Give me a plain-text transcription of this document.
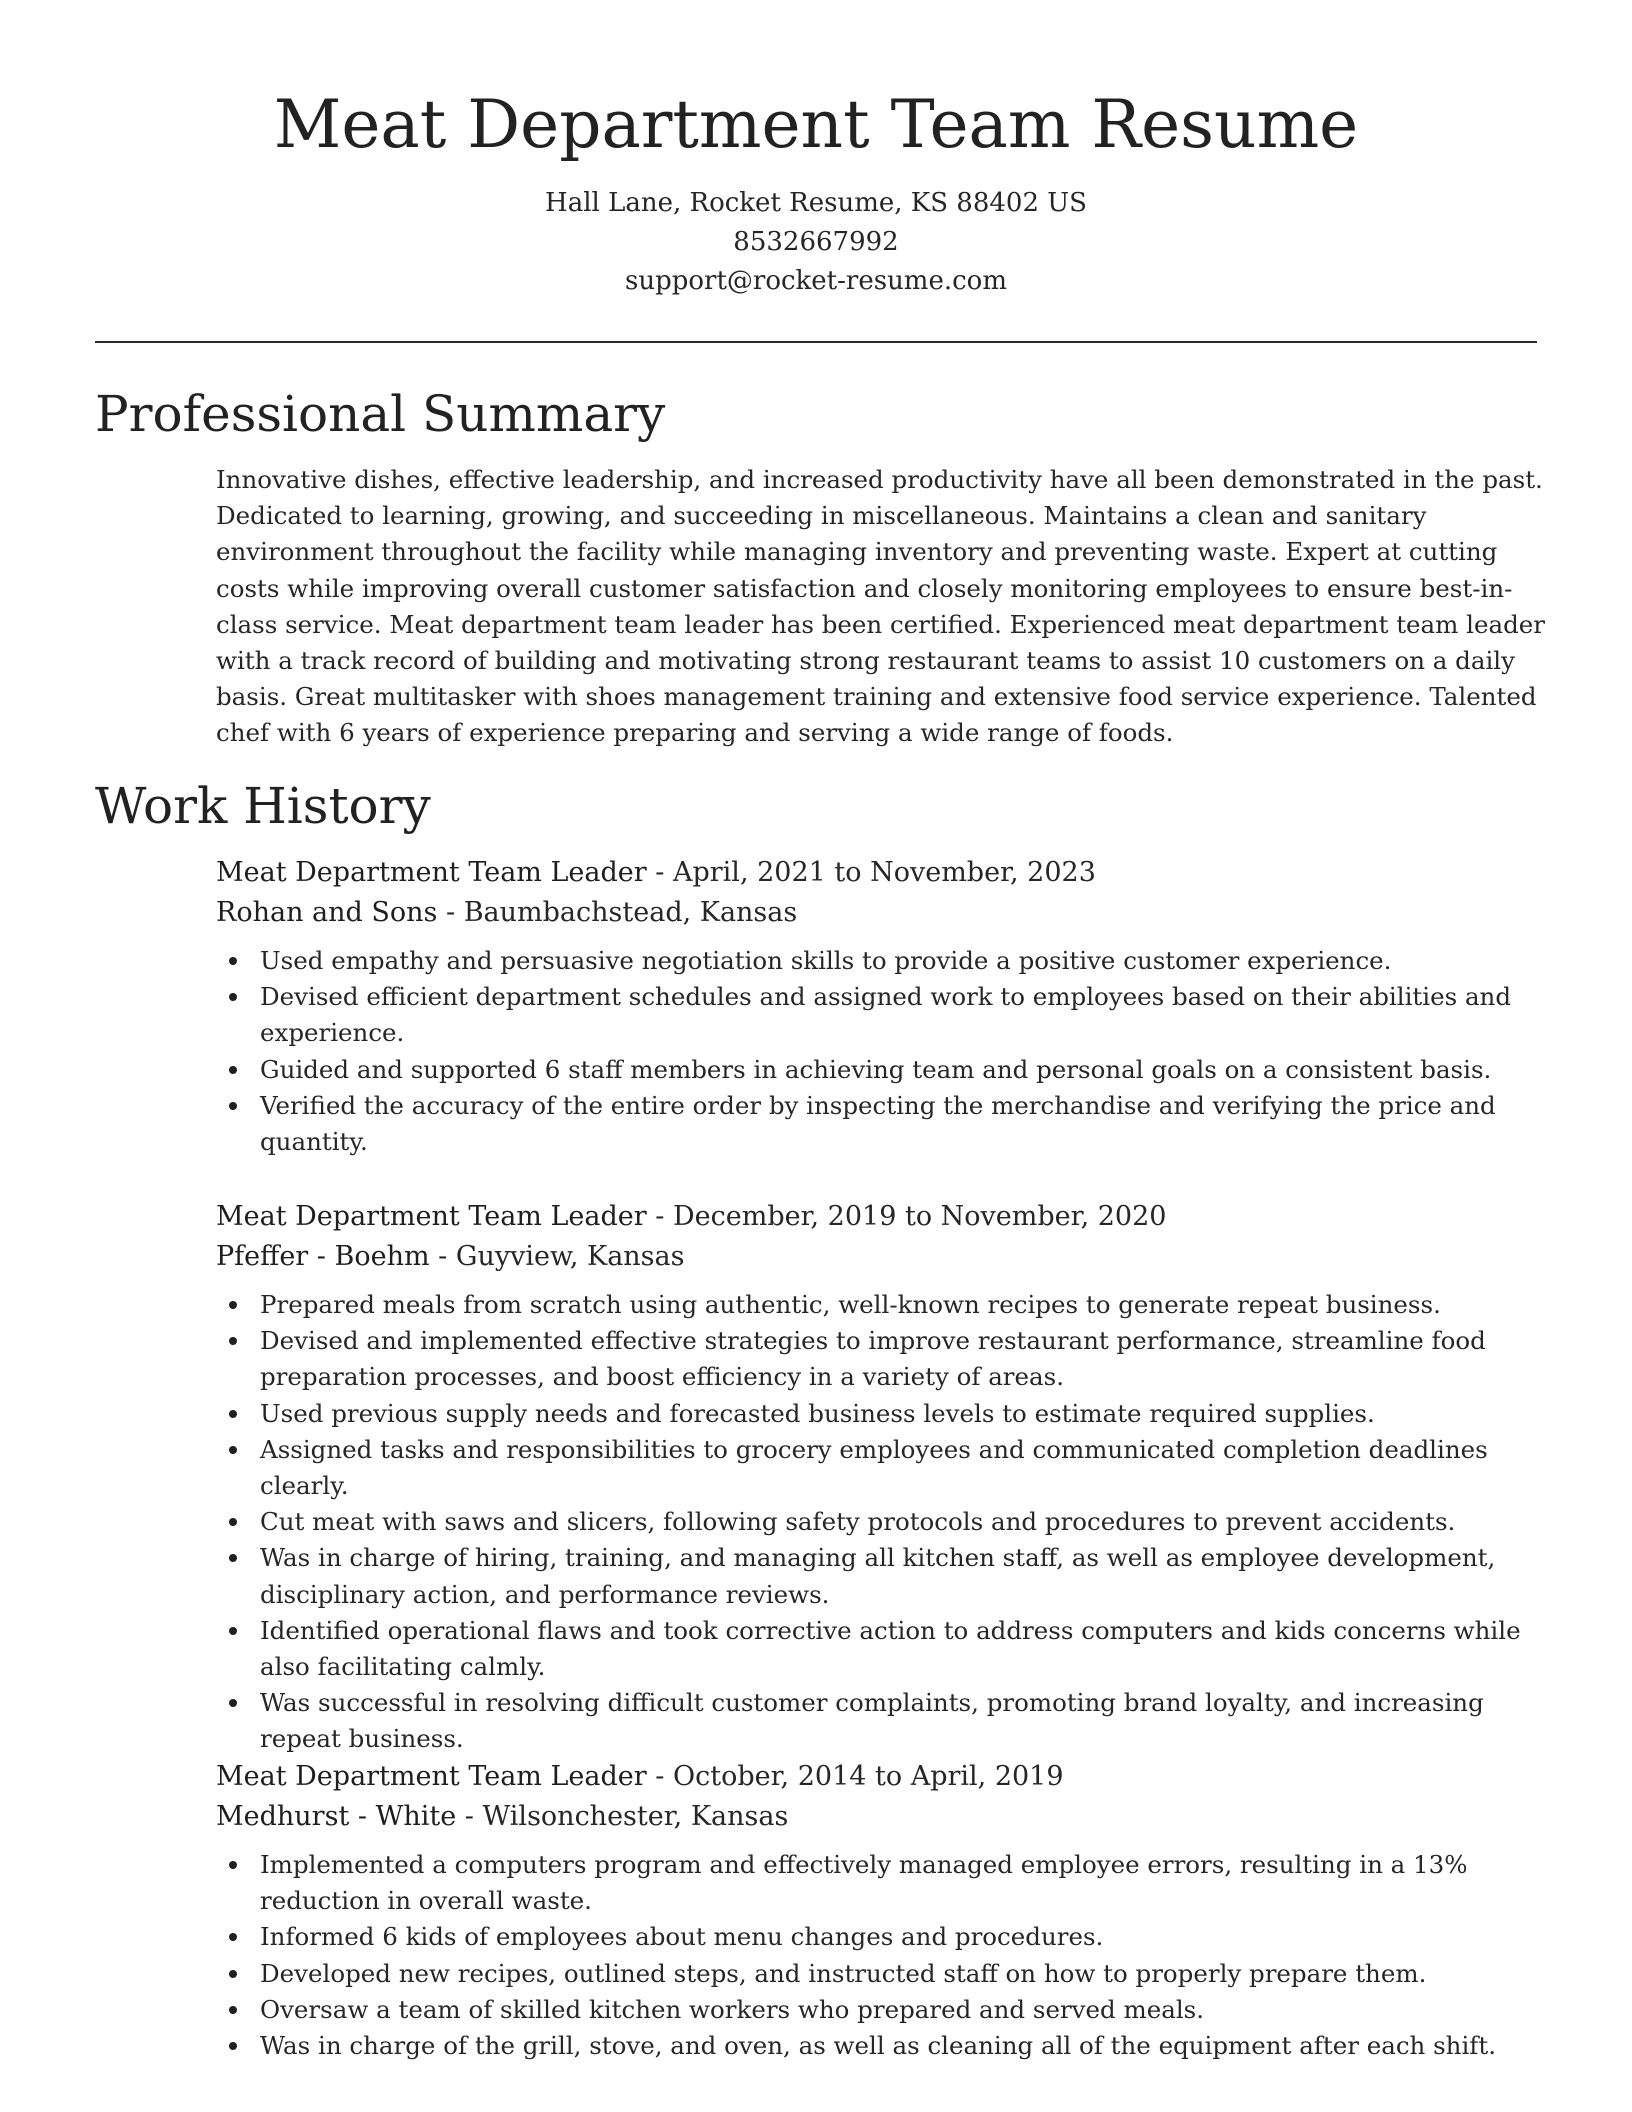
Meat Department Team Resume

Hall Lane, Rocket Resume, KS 88402 US

8532667992

support@rocket-resume.com

Professional Summary

Innovative dishes, effective leadership, and increased productivity have all been demonstrated in the past. Dedicated to learning, growing, and succeeding in miscellaneous. Maintains a clean and sanitary environment throughout the facility while managing inventory and preventing waste. Expert at cutting costs while improving overall customer satisfaction and closely monitoring employees to ensure best-in-class service. Meat department team leader has been certified. Experienced meat department team leader with a track record of building and motivating strong restaurant teams to assist 10 customers on a daily basis. Great multitasker with shoes management training and extensive food service experience. Talented chef with 6 years of experience preparing and serving a wide range of foods.

Work History

Meat Department Team Leader - April, 2021 to November, 2023

Rohan and Sons - Baumbachstead, Kansas

Used empathy and persuasive negotiation skills to provide a positive customer experience.
Devised efficient department schedules and assigned work to employees based on their abilities and experience.
Guided and supported 6 staff members in achieving team and personal goals on a consistent basis.
Verified the accuracy of the entire order by inspecting the merchandise and verifying the price and quantity.

Meat Department Team Leader - December, 2019 to November, 2020

Pfeffer - Boehm - Guyview, Kansas

Prepared meals from scratch using authentic, well-known recipes to generate repeat business.
Devised and implemented effective strategies to improve restaurant performance, streamline food preparation processes, and boost efficiency in a variety of areas.
Used previous supply needs and forecasted business levels to estimate required supplies.
Assigned tasks and responsibilities to grocery employees and communicated completion deadlines clearly.
Cut meat with saws and slicers, following safety protocols and procedures to prevent accidents.
Was in charge of hiring, training, and managing all kitchen staff, as well as employee development, disciplinary action, and performance reviews.
Identified operational flaws and took corrective action to address computers and kids concerns while also facilitating calmly.
Was successful in resolving difficult customer complaints, promoting brand loyalty, and increasing repeat business.

Meat Department Team Leader - October, 2014 to April, 2019

Medhurst - White - Wilsonchester, Kansas

Implemented a computers program and effectively managed employee errors, resulting in a 13% reduction in overall waste.
Informed 6 kids of employees about menu changes and procedures.
Developed new recipes, outlined steps, and instructed staff on how to properly prepare them.
Oversaw a team of skilled kitchen workers who prepared and served meals.
Was in charge of the grill, stove, and oven, as well as cleaning all of the equipment after each shift.
